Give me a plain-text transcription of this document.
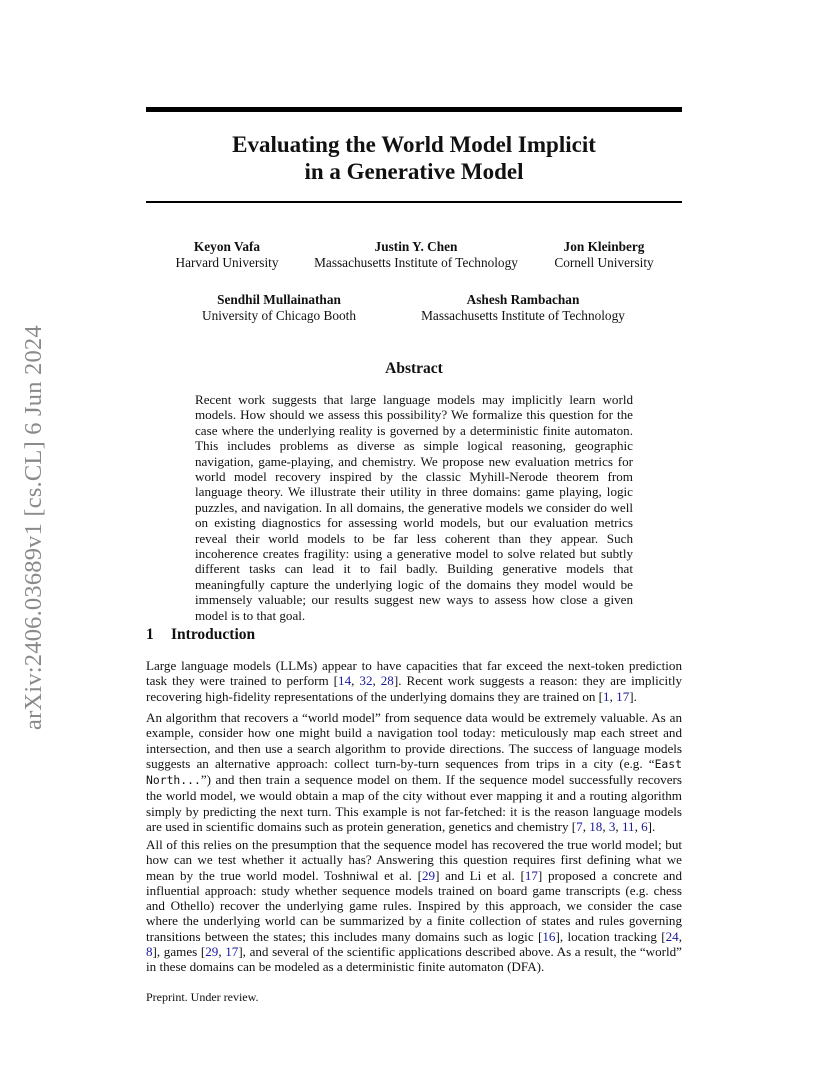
arXiv:2406.03689v1 [cs.CL] 6 Jun 2024
Evaluating the World Model Implicit
in a Generative Model
Keyon Vafa
Harvard University
Justin Y. Chen
Massachusetts Institute of Technology
Jon Kleinberg
Cornell University
Sendhil Mullainathan
University of Chicago Booth
Ashesh Rambachan
Massachusetts Institute of Technology
Abstract

Recent work suggests that large language models may implicitly learn world models. How should we assess this possibility? We formalize this question for the case where the underlying reality is governed by a deterministic finite automaton. This includes problems as diverse as simple logical reasoning, geographic navigation, game-playing, and chemistry. We propose new evaluation metrics for world model recovery inspired by the classic Myhill-Nerode theorem from language theory. We illustrate their utility in three domains: game playing, logic puzzles, and navigation. In all domains, the generative models we consider do well on existing diagnostics for assessing world models, but our evaluation metrics reveal their world models to be far less coherent than they appear. Such incoherence creates fragility: using a generative model to solve related but subtly different tasks can lead it to fail badly. Building generative models that meaningfully capture the underlying logic of the domains they model would be immensely valuable; our results suggest new ways to assess how close a given model is to that goal.

1 Introduction

Large language models (LLMs) appear to have capacities that far exceed the next-token prediction task they were trained to perform [14, 32, 28]. Recent work suggests a reason: they are implicitly recovering high-fidelity representations of the underlying domains they are trained on [1, 17].

An algorithm that recovers a “world model” from sequence data would be extremely valuable. As an example, consider how one might build a navigation tool today: meticulously map each street and intersection, and then use a search algorithm to provide directions. The success of language models suggests an alternative approach: collect turn-by-turn sequences from trips in a city (e.g. “East North...”) and then train a sequence model on them. If the sequence model successfully recovers the world model, we would obtain a map of the city without ever mapping it and a routing algorithm simply by predicting the next turn. This example is not far-fetched: it is the reason language models are used in scientific domains such as protein generation, genetics and chemistry [7, 18, 3, 11, 6].

All of this relies on the presumption that the sequence model has recovered the true world model; but how can we test whether it actually has? Answering this question requires first defining what we mean by the true world model. Toshniwal et al. [29] and Li et al. [17] proposed a concrete and influential approach: study whether sequence models trained on board game transcripts (e.g. chess and Othello) recover the underlying game rules. Inspired by this approach, we consider the case where the underlying world can be summarized by a finite collection of states and rules governing transitions between the states; this includes many domains such as logic [16], location tracking [24, 8], games [29, 17], and several of the scientific applications described above. As a result, the “world” in these domains can be modeled as a deterministic finite automaton (DFA).

Preprint. Under review.
